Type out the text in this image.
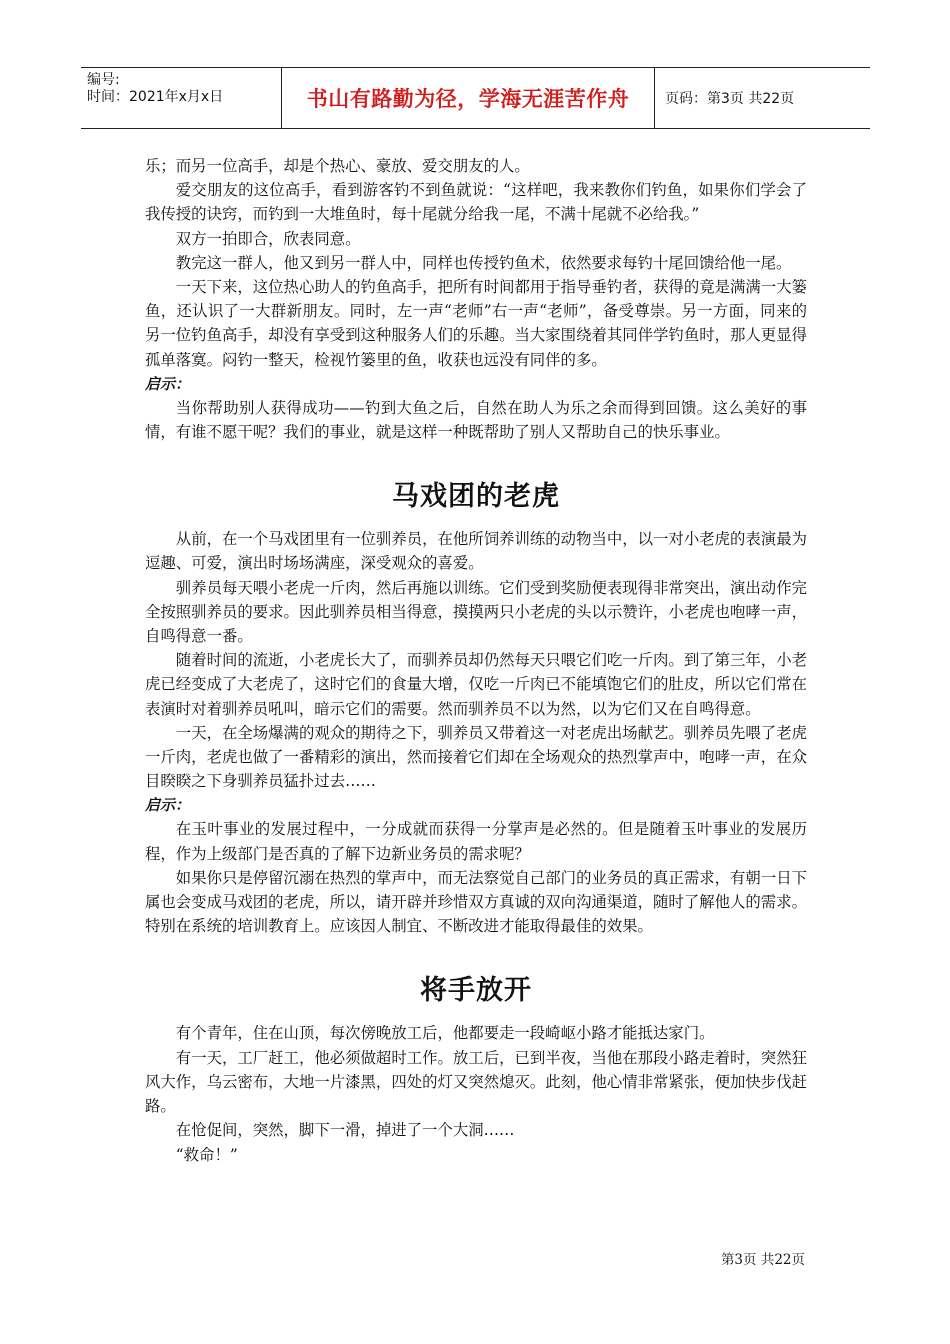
编号:
时间：2021年x月x日	书山有路勤为径，学海无涯苦作舟	页码：第3页 共22页

乐；而另一位高手，却是个热心、豪放、爱交朋友的人。

爱交朋友的这位高手，看到游客钓不到鱼就说：“这样吧，我来教你们钓鱼，如果你们学会了我传授的诀窍，而钓到一大堆鱼时，每十尾就分给我一尾，不满十尾就不必给我。”

双方一拍即合，欣表同意。

教完这一群人，他又到另一群人中，同样也传授钓鱼术，依然要求每钓十尾回馈给他一尾。

一天下来，这位热心助人的钓鱼高手，把所有时间都用于指导垂钓者，获得的竟是满满一大篓鱼，还认识了一大群新朋友。同时，左一声“老师”右一声“老师”，备受尊崇。另一方面，同来的另一位钓鱼高手，却没有享受到这种服务人们的乐趣。当大家围绕着其同伴学钓鱼时，那人更显得孤单落寞。闷钓一整天，检视竹篓里的鱼，收获也远没有同伴的多。

启示：

当你帮助别人获得成功——钓到大鱼之后，自然在助人为乐之余而得到回馈。这么美好的事情，有谁不愿干呢？我们的事业，就是这样一种既帮助了别人又帮助自己的快乐事业。

马戏团的老虎

从前，在一个马戏团里有一位驯养员，在他所饲养训练的动物当中，以一对小老虎的表演最为逗趣、可爱，演出时场场满座，深受观众的喜爱。

驯养员每天喂小老虎一斤肉，然后再施以训练。它们受到奖励便表现得非常突出，演出动作完全按照驯养员的要求。因此驯养员相当得意，摸摸两只小老虎的头以示赞许，小老虎也咆哮一声，自鸣得意一番。

随着时间的流逝，小老虎长大了，而驯养员却仍然每天只喂它们吃一斤肉。到了第三年，小老虎已经变成了大老虎了，这时它们的食量大增，仅吃一斤肉已不能填饱它们的肚皮，所以它们常在表演时对着驯养员吼叫，暗示它们的需要。然而驯养员不以为然，以为它们又在自鸣得意。

一天，在全场爆满的观众的期待之下，驯养员又带着这一对老虎出场献艺。驯养员先喂了老虎一斤肉，老虎也做了一番精彩的演出，然而接着它们却在全场观众的热烈掌声中，咆哮一声，在众目睽睽之下身驯养员猛扑过去……

启示：

在玉叶事业的发展过程中，一分成就而获得一分掌声是必然的。但是随着玉叶事业的发展历程，作为上级部门是否真的了解下边新业务员的需求呢？

如果你只是停留沉溺在热烈的掌声中，而无法察觉自己部门的业务员的真正需求，有朝一日下属也会变成马戏团的老虎，所以，请开辟并珍惜双方真诚的双向沟通渠道，随时了解他人的需求。特别在系统的培训教育上。应该因人制宜、不断改进才能取得最佳的效果。

将手放开

有个青年，住在山顶，每次傍晚放工后，他都要走一段崎岖小路才能抵达家门。

有一天，工厂赶工，他必须做超时工作。放工后，已到半夜，当他在那段小路走着时，突然狂风大作，乌云密布，大地一片漆黑，四处的灯又突然熄灭。此刻，他心情非常紧张，便加快步伐赶路。

在怆促间，突然，脚下一滑，掉进了一个大洞……

“救命！”

第3页 共22页
